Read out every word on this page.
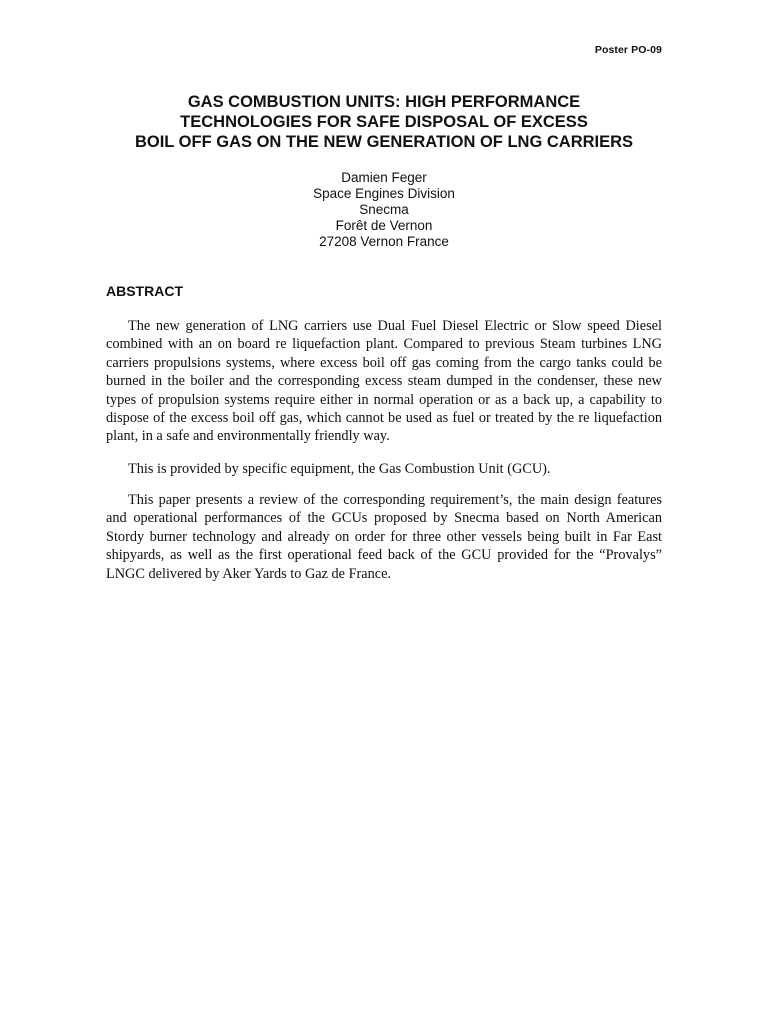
Poster PO-09
GAS COMBUSTION UNITS: HIGH PERFORMANCE
TECHNOLOGIES FOR SAFE DISPOSAL OF EXCESS
BOIL OFF GAS ON THE NEW GENERATION OF LNG CARRIERS
Damien Feger
Space Engines Division
Snecma
Forêt de Vernon
27208 Vernon France
ABSTRACT

The new generation of LNG carriers use Dual Fuel Diesel Electric or Slow speed Diesel combined with an on board re liquefaction plant. Compared to previous Steam turbines LNG carriers propulsions systems, where excess boil off gas coming from the cargo tanks could be burned in the boiler and the corresponding excess steam dumped in the condenser, these new types of propulsion systems require either in normal operation or as a back up, a capability to dispose of the excess boil off gas, which cannot be used as fuel or treated by the re liquefaction plant, in a safe and environmentally friendly way.

This is provided by specific equipment, the Gas Combustion Unit (GCU).

This paper presents a review of the corresponding requirement’s, the main design features and operational performances of the GCUs proposed by Snecma based on North American Stordy burner technology and already on order for three other vessels being built in Far East shipyards, as well as the first operational feed back of the GCU provided for the “Provalys” LNGC delivered by Aker Yards to Gaz de France.
